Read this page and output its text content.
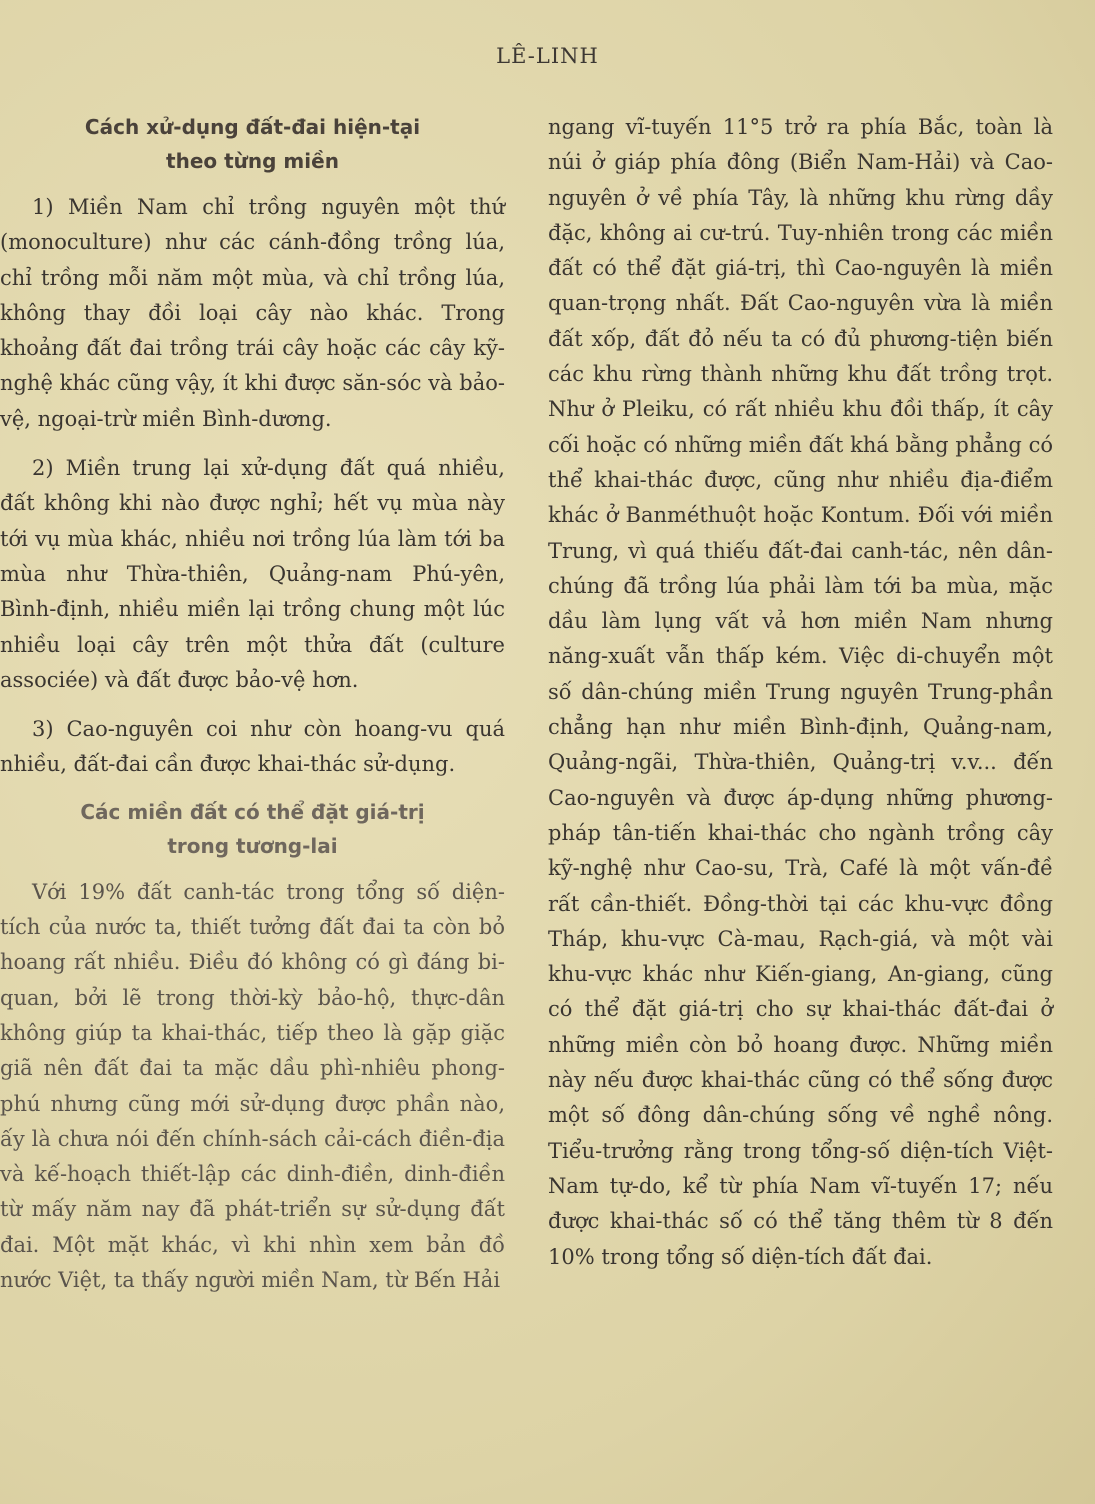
LÊ-LINH
Cách xử-dụng đất-đai hiện-tại
theo từng miền

1) Miền Nam chỉ trồng nguyên một thứ (monoculture) như các cánh-đồng trồng lúa, chỉ trồng mỗi năm một mùa, và chỉ trồng lúa, không thay đồi loại cây nào khác. Trong khoảng đất đai trồng trái cây hoặc các cây kỹ-nghệ khác cũng vậy, ít khi được săn-sóc và bảo-vệ, ngoại-trừ miền Bình-dương.

2) Miền trung lại xử-dụng đất quá nhiều, đất không khi nào được nghỉ; hết vụ mùa này tới vụ mùa khác, nhiều nơi trồng lúa làm tới ba mùa như Thừa-thiên, Quảng-nam Phú-yên, Bình-định, nhiều miền lại trồng chung một lúc nhiều loại cây trên một thửa đất (culture associée) và đất được bảo-vệ hơn.

3) Cao-nguyên coi như còn hoang-vu quá nhiều, đất-đai cần được khai-thác sử-dụng.

Các miền đất có thể đặt giá-trị
trong tương-lai

Với 19% đất canh-tác trong tổng số diện-tích của nước ta, thiết tưởng đất đai ta còn bỏ hoang rất nhiều. Điều đó không có gì đáng bi-quan, bởi lẽ trong thời-kỳ bảo-hộ, thực-dân không giúp ta khai-thác, tiếp theo là gặp giặc giã nên đất đai ta mặc dầu phì-nhiêu phong-phú nhưng cũng mới sử-dụng được phần nào, ấy là chưa nói đến chính-sách cải-cách điền-địa và kế-hoạch thiết-lập các dinh-điền, dinh-điền từ mấy năm nay đã phát-triển sự sử-dụng đất đai. Một mặt khác, vì khi nhìn xem bản đồ nước Việt, ta thấy người miền Nam, từ Bến Hải

ngang vĩ-tuyến 11°5 trở ra phía Bắc, toàn là núi ở giáp phía đông (Biển Nam-Hải) và Cao-nguyên ở về phía Tây, là những khu rừng dầy đặc, không ai cư-trú. Tuy-nhiên trong các miền đất có thể đặt giá-trị, thì Cao-nguyên là miền quan-trọng nhất. Đất Cao-nguyên vừa là miền đất xốp, đất đỏ nếu ta có đủ phương-tiện biến các khu rừng thành những khu đất trồng trọt. Như ở Pleiku, có rất nhiều khu đồi thấp, ít cây cối hoặc có những miền đất khá bằng phẳng có thể khai-thác được, cũng như nhiều địa-điểm khác ở Banméthuột hoặc Kontum. Đối với miền Trung, vì quá thiếu đất-đai canh-tác, nên dân-chúng đã trồng lúa phải làm tới ba mùa, mặc dầu làm lụng vất vả hơn miền Nam nhưng năng-xuất vẫn thấp kém. Việc di-chuyển một số dân-chúng miền Trung nguyên Trung-phần chẳng hạn như miền Bình-định, Quảng-nam, Quảng-ngãi, Thừa-thiên, Quảng-trị v.v... đến Cao-nguyên và được áp-dụng những phương-pháp tân-tiến khai-thác cho ngành trồng cây kỹ-nghệ như Cao-su, Trà, Café là một vấn-đề rất cần-thiết. Đồng-thời tại các khu-vực đồng Tháp, khu-vực Cà-mau, Rạch-giá, và một vài khu-vực khác như Kiến-giang, An-giang, cũng có thể đặt giá-trị cho sự khai-thác đất-đai ở những miền còn bỏ hoang được. Những miền này nếu được khai-thác cũng có thể sống được một số đông dân-chúng sống về nghề nông. Tiểu-trưởng rằng trong tổng-số diện-tích Việt-Nam tự-do, kể từ phía Nam vĩ-tuyến 17; nếu được khai-thác số có thể tăng thêm từ 8 đến 10% trong tổng số diện-tích đất đai.
